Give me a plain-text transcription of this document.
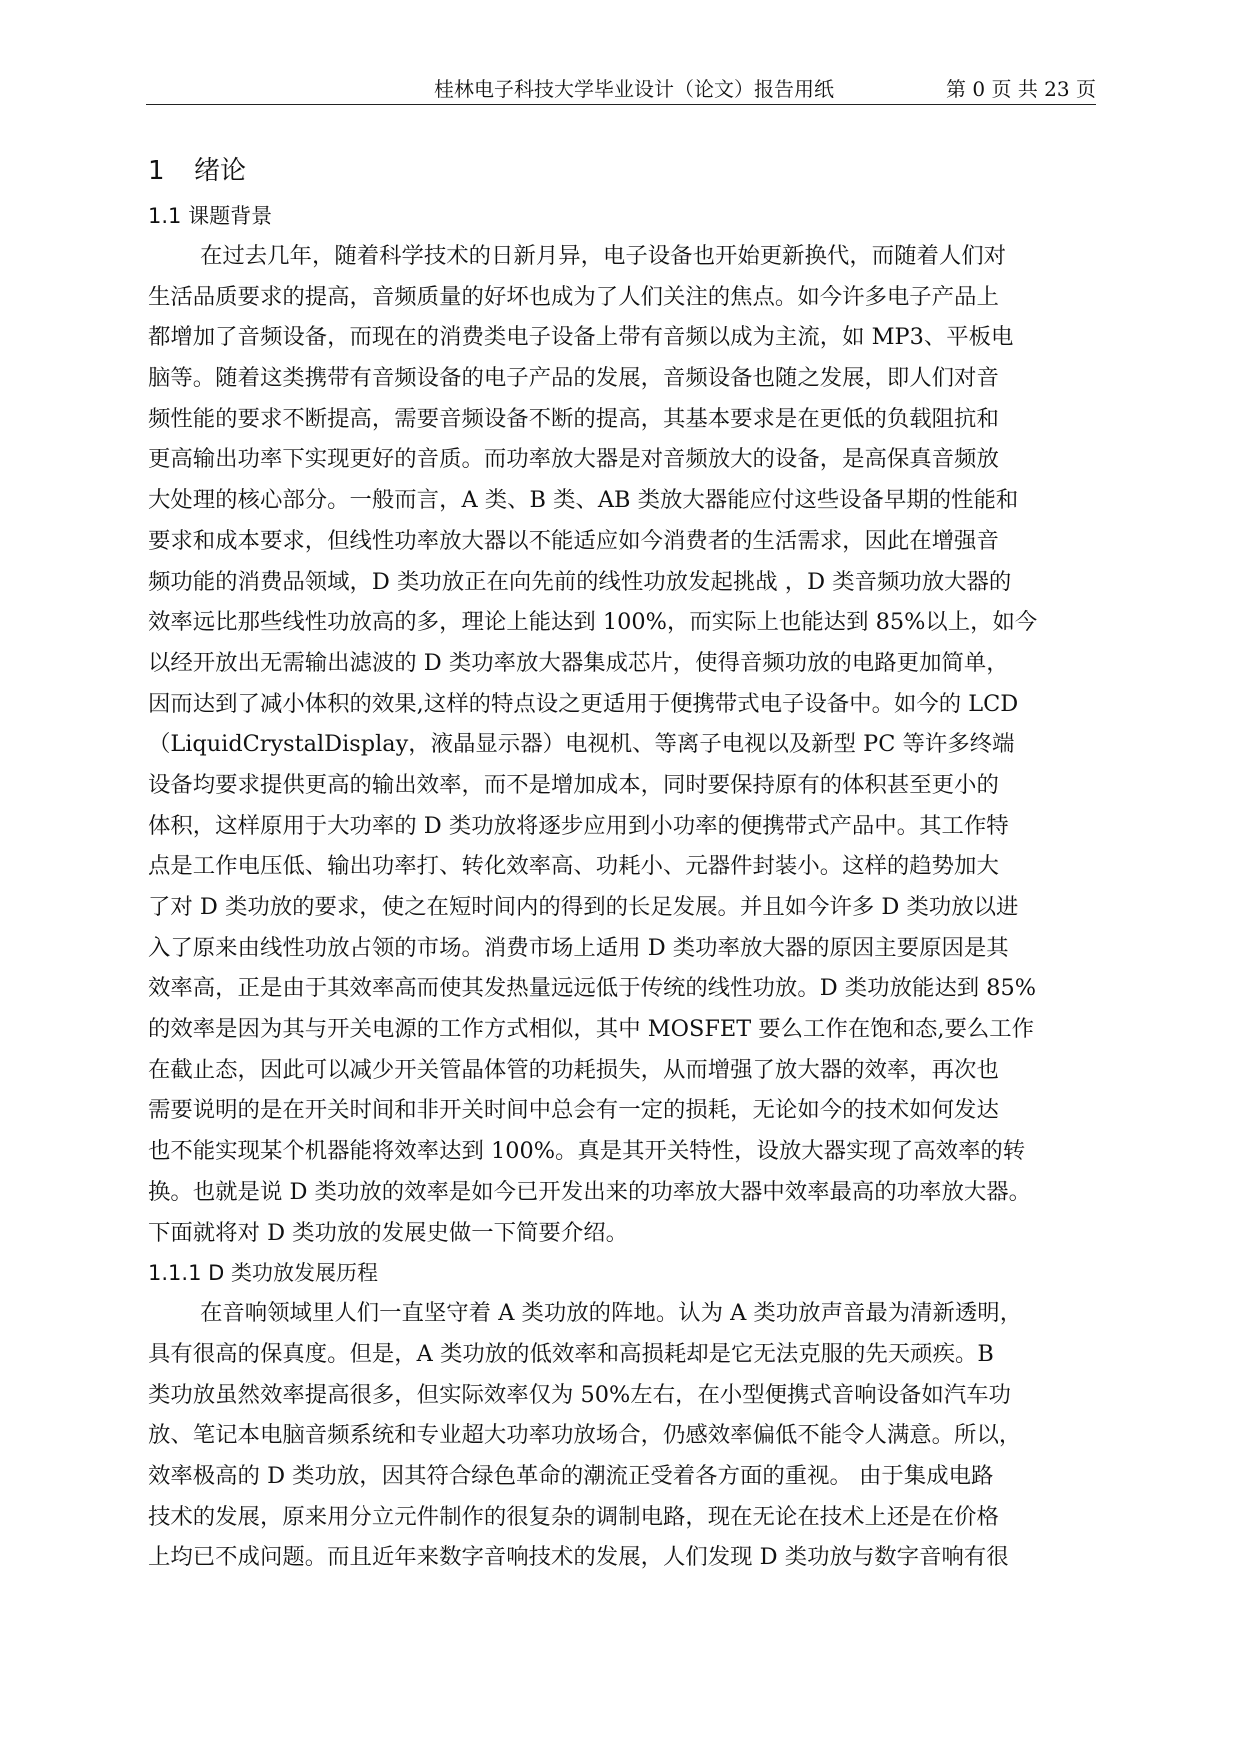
桂林电子科技大学毕业设计（论文）报告用纸	第 0 页 共 23 页
1 绪论
1.1 课题背景
在过去几年，随着科学技术的日新月异，电子设备也开始更新换代，而随着人们对
生活品质要求的提高，音频质量的好坏也成为了人们关注的焦点。如今许多电子产品上
都增加了音频设备，而现在的消费类电子设备上带有音频以成为主流，如 MP3、平板电
脑等。随着这类携带有音频设备的电子产品的发展，音频设备也随之发展，即人们对音
频性能的要求不断提高，需要音频设备不断的提高，其基本要求是在更低的负载阻抗和
更高输出功率下实现更好的音质。而功率放大器是对音频放大的设备，是高保真音频放
大处理的核心部分。一般而言，A 类、B 类、AB 类放大器能应付这些设备早期的性能和
要求和成本要求，但线性功率放大器以不能适应如今消费者的生活需求，因此在增强音
频功能的消费品领域，D 类功放正在向先前的线性功放发起挑战 ，D 类音频功放大器的
效率远比那些线性功放高的多，理论上能达到 100%，而实际上也能达到 85%以上，如今
以经开放出无需输出滤波的 D 类功率放大器集成芯片，使得音频功放的电路更加简单，
因而达到了减小体积的效果,这样的特点设之更适用于便携带式电子设备中。如今的 LCD
（LiquidCrystalDisplay，液晶显示器）电视机、等离子电视以及新型 PC 等许多终端
设备均要求提供更高的输出效率，而不是增加成本，同时要保持原有的体积甚至更小的
体积，这样原用于大功率的 D 类功放将逐步应用到小功率的便携带式产品中。其工作特
点是工作电压低、输出功率打、转化效率高、功耗小、元器件封装小。这样的趋势加大
了对 D 类功放的要求，使之在短时间内的得到的长足发展。并且如今许多 D 类功放以进
入了原来由线性功放占领的市场。消费市场上适用 D 类功率放大器的原因主要原因是其
效率高，正是由于其效率高而使其发热量远远低于传统的线性功放。D 类功放能达到 85%
的效率是因为其与开关电源的工作方式相似，其中 MOSFET 要么工作在饱和态,要么工作
在截止态，因此可以减少开关管晶体管的功耗损失，从而增强了放大器的效率，再次也
需要说明的是在开关时间和非开关时间中总会有一定的损耗，无论如今的技术如何发达
也不能实现某个机器能将效率达到 100%。真是其开关特性，设放大器实现了高效率的转
换。也就是说 D 类功放的效率是如今已开发出来的功率放大器中效率最高的功率放大器。
下面就将对 D 类功放的发展史做一下简要介绍。
1.1.1 D 类功放发展历程
在音响领域里人们一直坚守着 A 类功放的阵地。认为 A 类功放声音最为清新透明，
具有很高的保真度。但是，A 类功放的低效率和高损耗却是它无法克服的先天顽疾。B
类功放虽然效率提高很多，但实际效率仅为 50%左右，在小型便携式音响设备如汽车功
放、笔记本电脑音频系统和专业超大功率功放场合，仍感效率偏低不能令人满意。所以，
效率极高的 D 类功放，因其符合绿色革命的潮流正受着各方面的重视。 由于集成电路
技术的发展，原来用分立元件制作的很复杂的调制电路，现在无论在技术上还是在价格
上均已不成问题。而且近年来数字音响技术的发展，人们发现 D 类功放与数字音响有很
